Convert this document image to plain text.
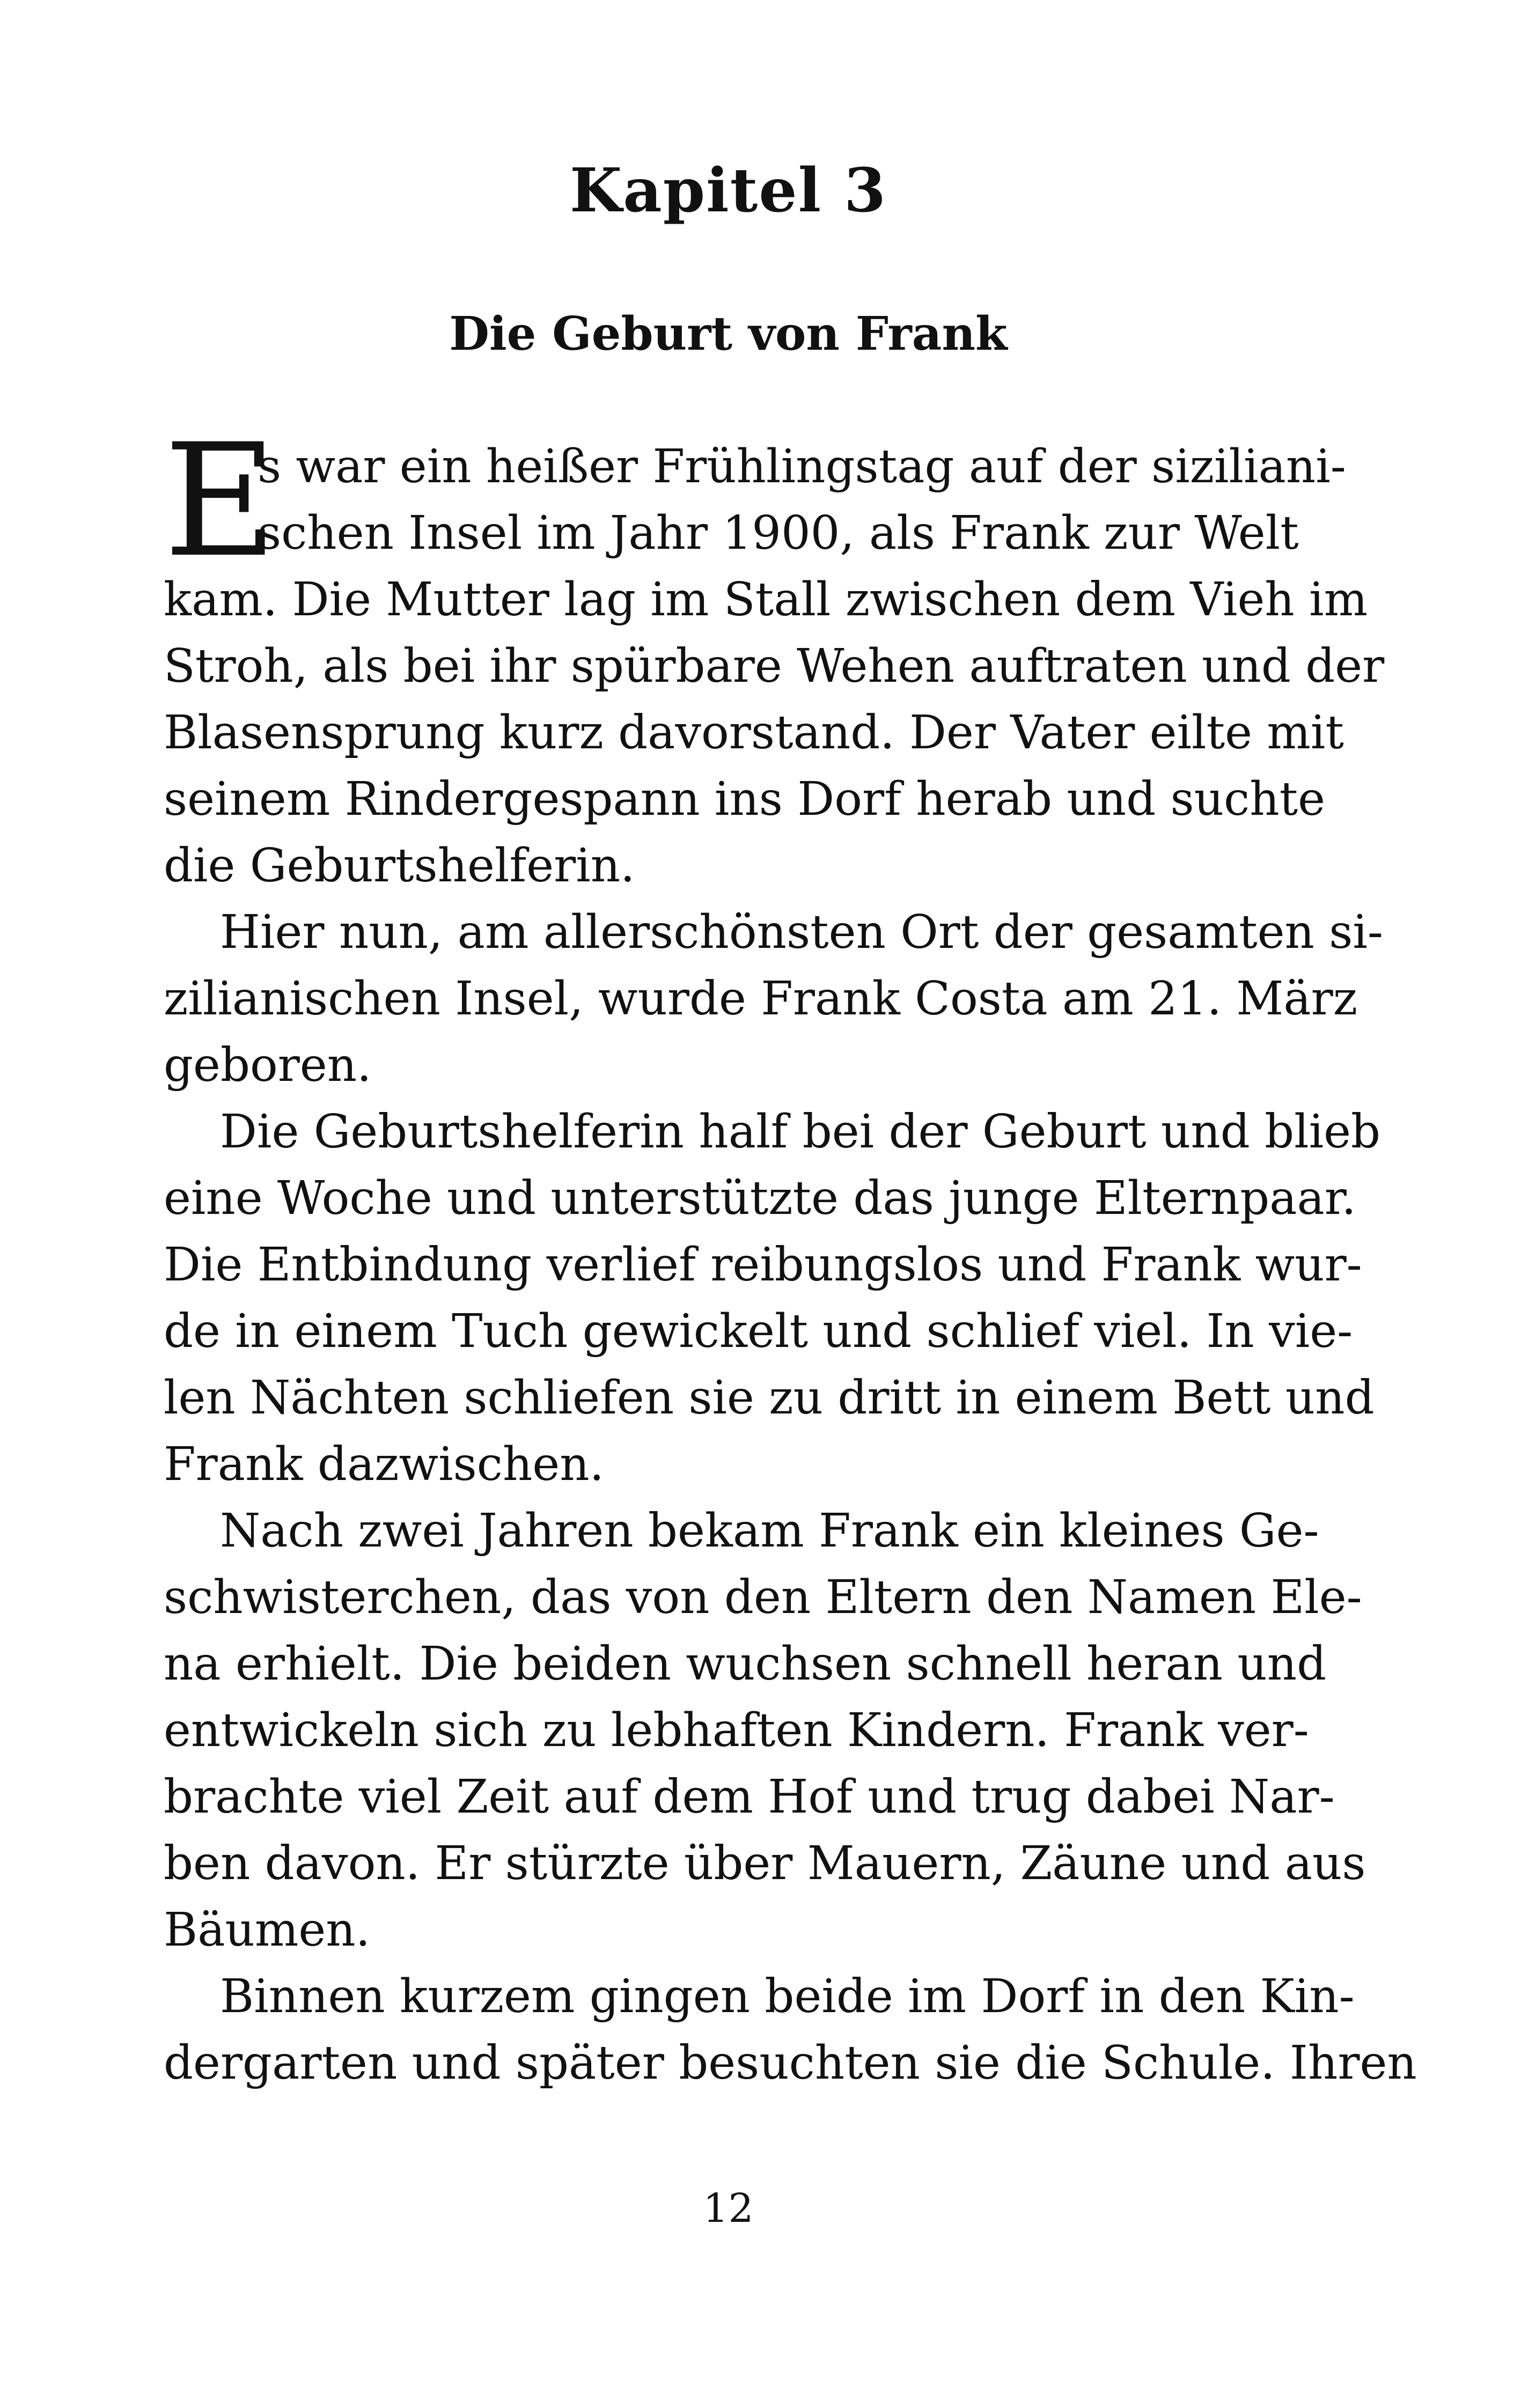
Kapitel 3
Die Geburt von Frank
E
s war ein heißer Frühlingstag auf der siziliani-
schen Insel im Jahr 1900, als Frank zur Welt
kam. Die Mutter lag im Stall zwischen dem Vieh im
Stroh, als bei ihr spürbare Wehen auftraten und der
Blasensprung kurz davorstand. Der Vater eilte mit
seinem Rindergespann ins Dorf herab und suchte
die Geburtshelferin.
Hier nun, am allerschönsten Ort der gesamten si-
zilianischen Insel, wurde Frank Costa am 21. März
geboren.
Die Geburtshelferin half bei der Geburt und blieb
eine Woche und unterstützte das junge Elternpaar.
Die Entbindung verlief reibungslos und Frank wur-
de in einem Tuch gewickelt und schlief viel. In vie-
len Nächten schliefen sie zu dritt in einem Bett und
Frank dazwischen.
Nach zwei Jahren bekam Frank ein kleines Ge-
schwisterchen, das von den Eltern den Namen Ele-
na erhielt. Die beiden wuchsen schnell heran und
entwickeln sich zu lebhaften Kindern. Frank ver-
brachte viel Zeit auf dem Hof und trug dabei Nar-
ben davon. Er stürzte über Mauern, Zäune und aus
Bäumen.
Binnen kurzem gingen beide im Dorf in den Kin-
dergarten und später besuchten sie die Schule. Ihren
12
